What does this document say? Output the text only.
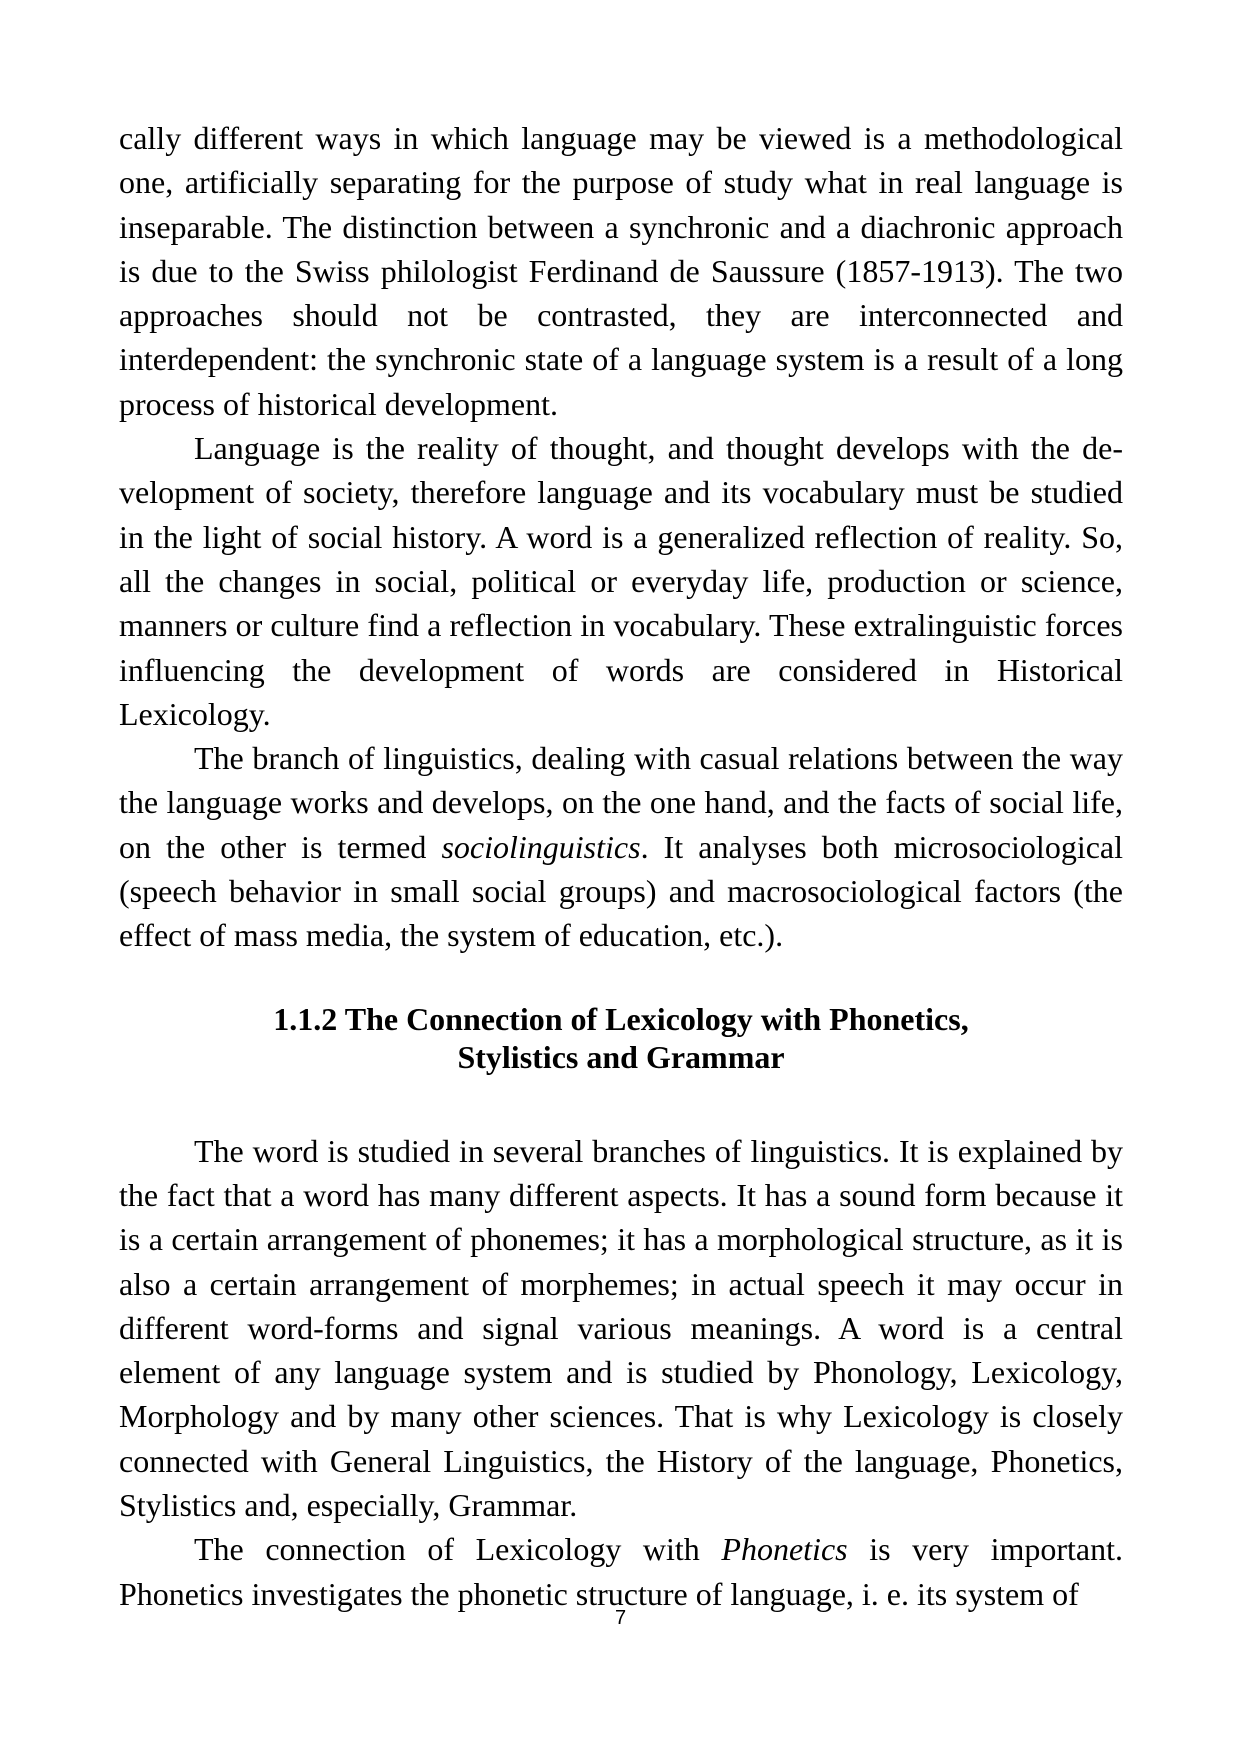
cally different ways in which language may be viewed is a methodological one, artificially separating for the purpose of study what in real language is inseparable. The distinction between a synchronic and a diachronic approach is due to the Swiss philologist Ferdinand de Saussure (1857-1913). The two approaches should not be contrasted, they are interconnected and interdependent: the synchronic state of a language system is a result of a long process of historical development.

Language is the reality of thought, and thought develops with the development of society, therefore language and its vocabulary must be studied in the light of social history. A word is a generalized reflection of reality. So, all the changes in social, political or everyday life, production or science, manners or culture find a reflection in vocabulary. These extralinguistic forces influencing the development of words are considered in Historical Lexicology.

The branch of linguistics, dealing with casual relations between the way the language works and develops, on the one hand, and the facts of social life, on the other is termed sociolinguistics. It analyses both microsociological (speech behavior in small social groups) and macrosociological factors (the effect of mass media, the system of education, etc.).

1.1.2 The Connection of Lexicology with Phonetics,

Stylistics and Grammar

The word is studied in several branches of linguistics. It is explained by the fact that a word has many different aspects. It has a sound form because it is a certain arrangement of phonemes; it has a morphological structure, as it is also a certain arrangement of morphemes; in actual speech it may occur in different word-forms and signal various meanings. A word is a central element of any language system and is studied by Phonology, Lexicology, Morphology and by many other sciences. That is why Lexicology is closely connected with General Linguistics, the History of the language, Phonetics, Stylistics and, especially, Grammar.

The connection of Lexicology with Phonetics is very important. Phonetics investigates the phonetic structure of language, i. e. its system of

7
